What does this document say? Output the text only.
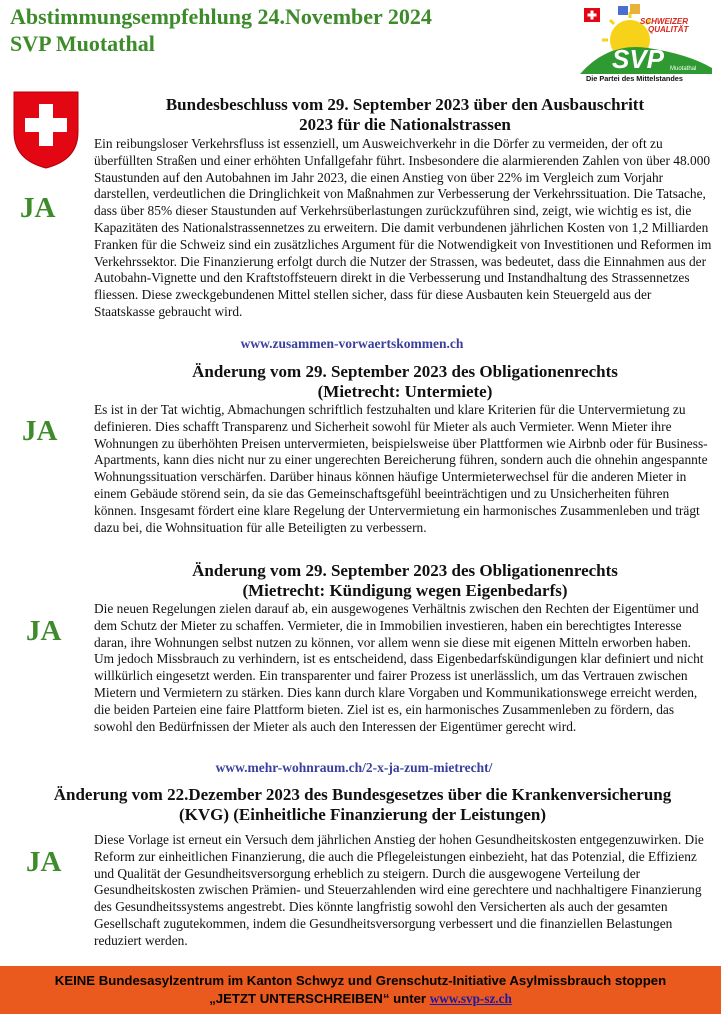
Abstimmungsempfehlung 24.November 2024
SVP Muotathal
SCHWEIZER
QUALITÄT
SVP Muotathal
Die Partei des Mittelstandes
JA
Bundesbeschluss vom 29. September 2023 über den Ausbauschritt
2023 für die Nationalstrassen

Ein reibungsloser Verkehrsfluss ist essenziell, um Ausweichverkehr in die Dörfer zu vermeiden, der oft zu überfüllten Straßen und einer erhöhten Unfallgefahr führt. Insbesondere die alarmierenden Zahlen von über 48.000 Staustunden auf den Autobahnen im Jahr 2023, die einen Anstieg von über 22% im Vergleich zum Vorjahr darstellen, verdeutlichen die Dringlichkeit von Maßnahmen zur Verbesserung der Verkehrssituation. Die Tatsache, dass über 85% dieser Staustunden auf Verkehrsüberlastungen zurückzuführen sind, zeigt, wie wichtig es ist, die Kapazitäten des Nationalstrassennetzes zu erweitern. Die damit verbundenen jährlichen Kosten von 1,2 Milliarden Franken für die Schweiz sind ein zusätzliches Argument für die Notwendigkeit von Investitionen und Reformen im Verkehrssektor. Die Finanzierung erfolgt durch die Nutzer der Strassen, was bedeutet, dass die Einnahmen aus der Autobahn-Vignette und den Kraftstoffsteuern direkt in die Verbesserung und Instandhaltung des Strassennetzes fliessen. Diese zweckgebundenen Mittel stellen sicher, dass für diese Ausbauten kein Steuergeld aus der Staatskasse gebraucht wird.

www.zusammen-vorwaertskommen.ch
JA
Änderung vom 29. September 2023 des Obligationenrechts
(Mietrecht: Untermiete)

Es ist in der Tat wichtig, Abmachungen schriftlich festzuhalten und klare Kriterien für die Untervermietung zu definieren. Dies schafft Transparenz und Sicherheit sowohl für Mieter als auch Vermieter. Wenn Mieter ihre Wohnungen zu überhöhten Preisen untervermieten, beispielsweise über Plattformen wie Airbnb oder für Business-Apartments, kann dies nicht nur zu einer ungerechten Bereicherung führen, sondern auch die ohnehin angespannte Wohnungssituation verschärfen. Darüber hinaus können häufige Untermieterwechsel für die anderen Mieter in einem Gebäude störend sein, da sie das Gemeinschaftsgefühl beeinträchtigen und zu Unsicherheiten führen können. Insgesamt fördert eine klare Regelung der Untervermietung ein harmonisches Zusammenleben und trägt dazu bei, die Wohnsituation für alle Beteiligten zu verbessern.

JA
Änderung vom 29. September 2023 des Obligationenrechts
(Mietrecht: Kündigung wegen Eigenbedarfs)

Die neuen Regelungen zielen darauf ab, ein ausgewogenes Verhältnis zwischen den Rechten der Eigentümer und dem Schutz der Mieter zu schaffen. Vermieter, die in Immobilien investieren, haben ein berechtigtes Interesse daran, ihre Wohnungen selbst nutzen zu können, vor allem wenn sie diese mit eigenen Mitteln erworben haben. Um jedoch Missbrauch zu verhindern, ist es entscheidend, dass Eigenbedarfskündigungen klar definiert und nicht willkürlich eingesetzt werden. Ein transparenter und fairer Prozess ist unerlässlich, um das Vertrauen zwischen Mietern und Vermietern zu stärken. Dies kann durch klare Vorgaben und Kommunikationswege erreicht werden, die beiden Parteien eine faire Plattform bieten. Ziel ist es, ein harmonisches Zusammenleben zu fördern, das sowohl den Bedürfnissen der Mieter als auch den Interessen der Eigentümer gerecht wird.

www.mehr-wohnraum.ch/2-x-ja-zum-mietrecht/
JA
Änderung vom 22.Dezember 2023 des Bundesgesetzes über die Krankenversicherung
(KVG) (Einheitliche Finanzierung der Leistungen)

Diese Vorlage ist erneut ein Versuch dem jährlichen Anstieg der hohen Gesundheitskosten entgegenzuwirken. Die Reform zur einheitlichen Finanzierung, die auch die Pflegeleistungen einbezieht, hat das Potenzial, die Effizienz und Qualität der Gesundheitsversorgung erheblich zu steigern. Durch die ausgewogene Verteilung der Gesundheitskosten zwischen Prämien- und Steuerzahlenden wird eine gerechtere und nachhaltigere Finanzierung des Gesundheitssystems angestrebt. Dies könnte langfristig sowohl den Versicherten als auch der gesamten Gesellschaft zugutekommen, indem die Gesundheitsversorgung verbessert und die finanziellen Belastungen reduziert werden.

KEINE Bundesasylzentrum im Kanton Schwyz und Grenschutz-Initiative Asylmissbrauch stoppen
„JETZT UNTERSCHREIBEN“ unter www.svp-sz.ch
